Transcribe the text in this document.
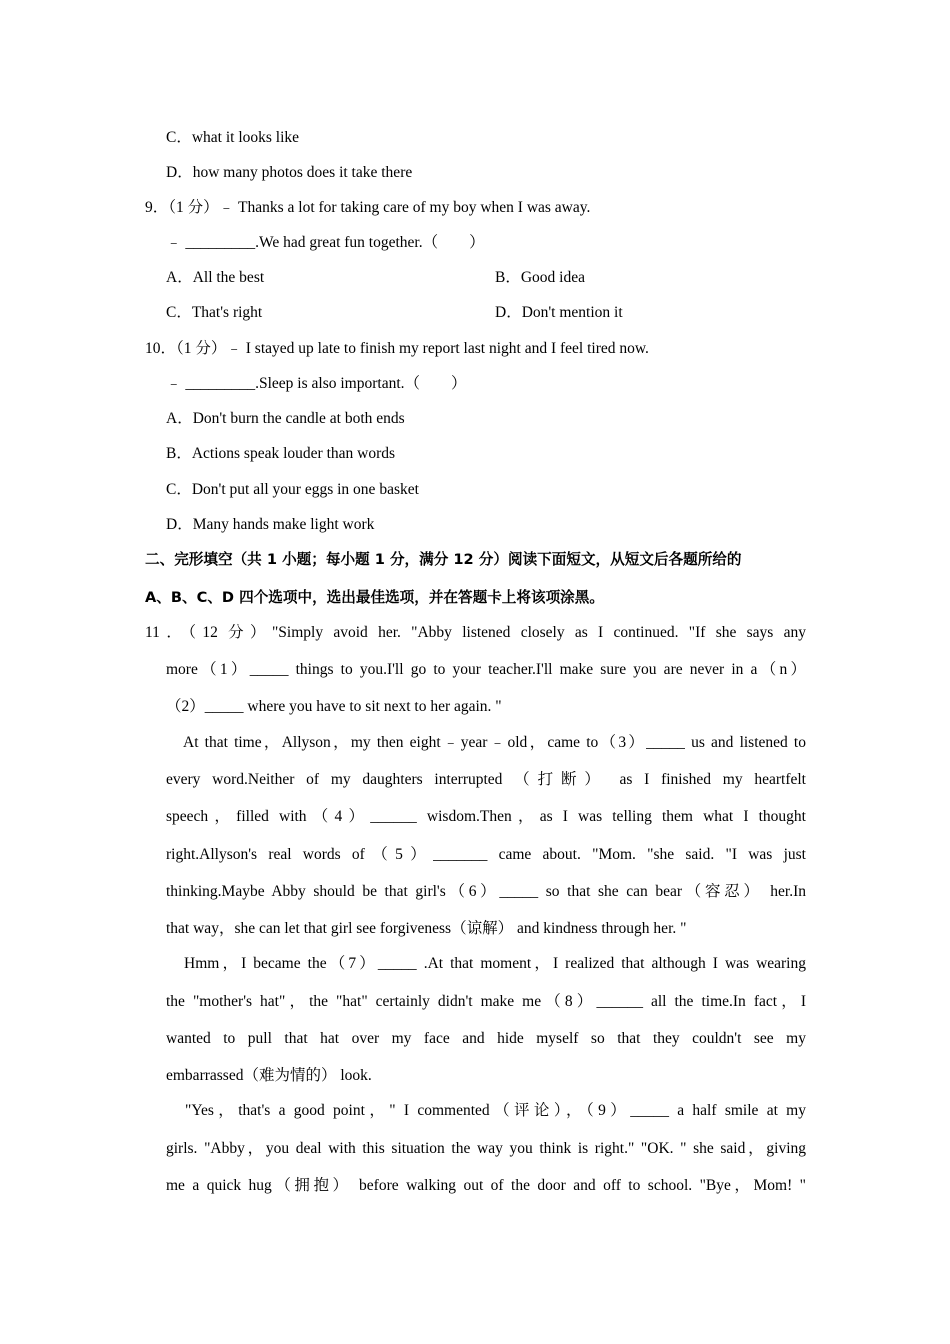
C．what it looks like
D．how many photos does it take there
9．（1 分）﹣ Thanks a lot for taking care of my boy when I was away.
﹣ _________.We had great fun together.（　　）
A．All the best	B．Good idea
C．That's right	D．Don't mention it
10．（1 分）﹣ I stayed up late to finish my report last night and I feel tired now.
﹣ _________.Sleep is also important.（　　）
A．Don't burn the candle at both ends
B．Actions speak louder than words
C．Don't put all your eggs in one basket
D．Many hands make light work
二、完形填空（共 1 小题；每小题 1 分，满分 12 分）阅读下面短文，从短文后各题所给的
A、B、C、D 四个选项中，选出最佳选项，并在答题卡上将该项涂黑。
11．（12 分）"Simply avoid her. "Abby listened closely as I continued. "If she says any
more（1）_____ things to you.I'll go to your teacher.I'll make sure you are never in a（n）
（2）_____ where you have to sit next to her again. "
At that time，Allyson，my then eight﹣year﹣old，came to（3）_____ us and listened to
every word.Neither of my daughters interrupted （打断） as I finished my heartfelt
speech，filled with（4）______ wisdom.Then，as I was telling them what I thought
right.Allyson's real words of（5）_______ came about. "Mom. "she said. "I was just
thinking.Maybe Abby should be that girl's（6）_____ so that she can bear（容忍） her.In
that way，she can let that girl see forgiveness（谅解） and kindness through her. "
Hmm，I became the（7）_____ .At that moment，I realized that although I was wearing
the "mother's hat"，the "hat" certainly didn't make me（8）______ all the time.In fact，I
wanted to pull that hat over my face and hide myself so that they couldn't see my
embarrassed（难为情的） look.
"Yes，that's a good point，" I commented（评论），（9）_____ a half smile at my
girls. "Abby，you deal with this situation the way you think is right." "OK. " she said，giving
me a quick hug（拥抱） before walking out of the door and off to school. "Bye，Mom! "
